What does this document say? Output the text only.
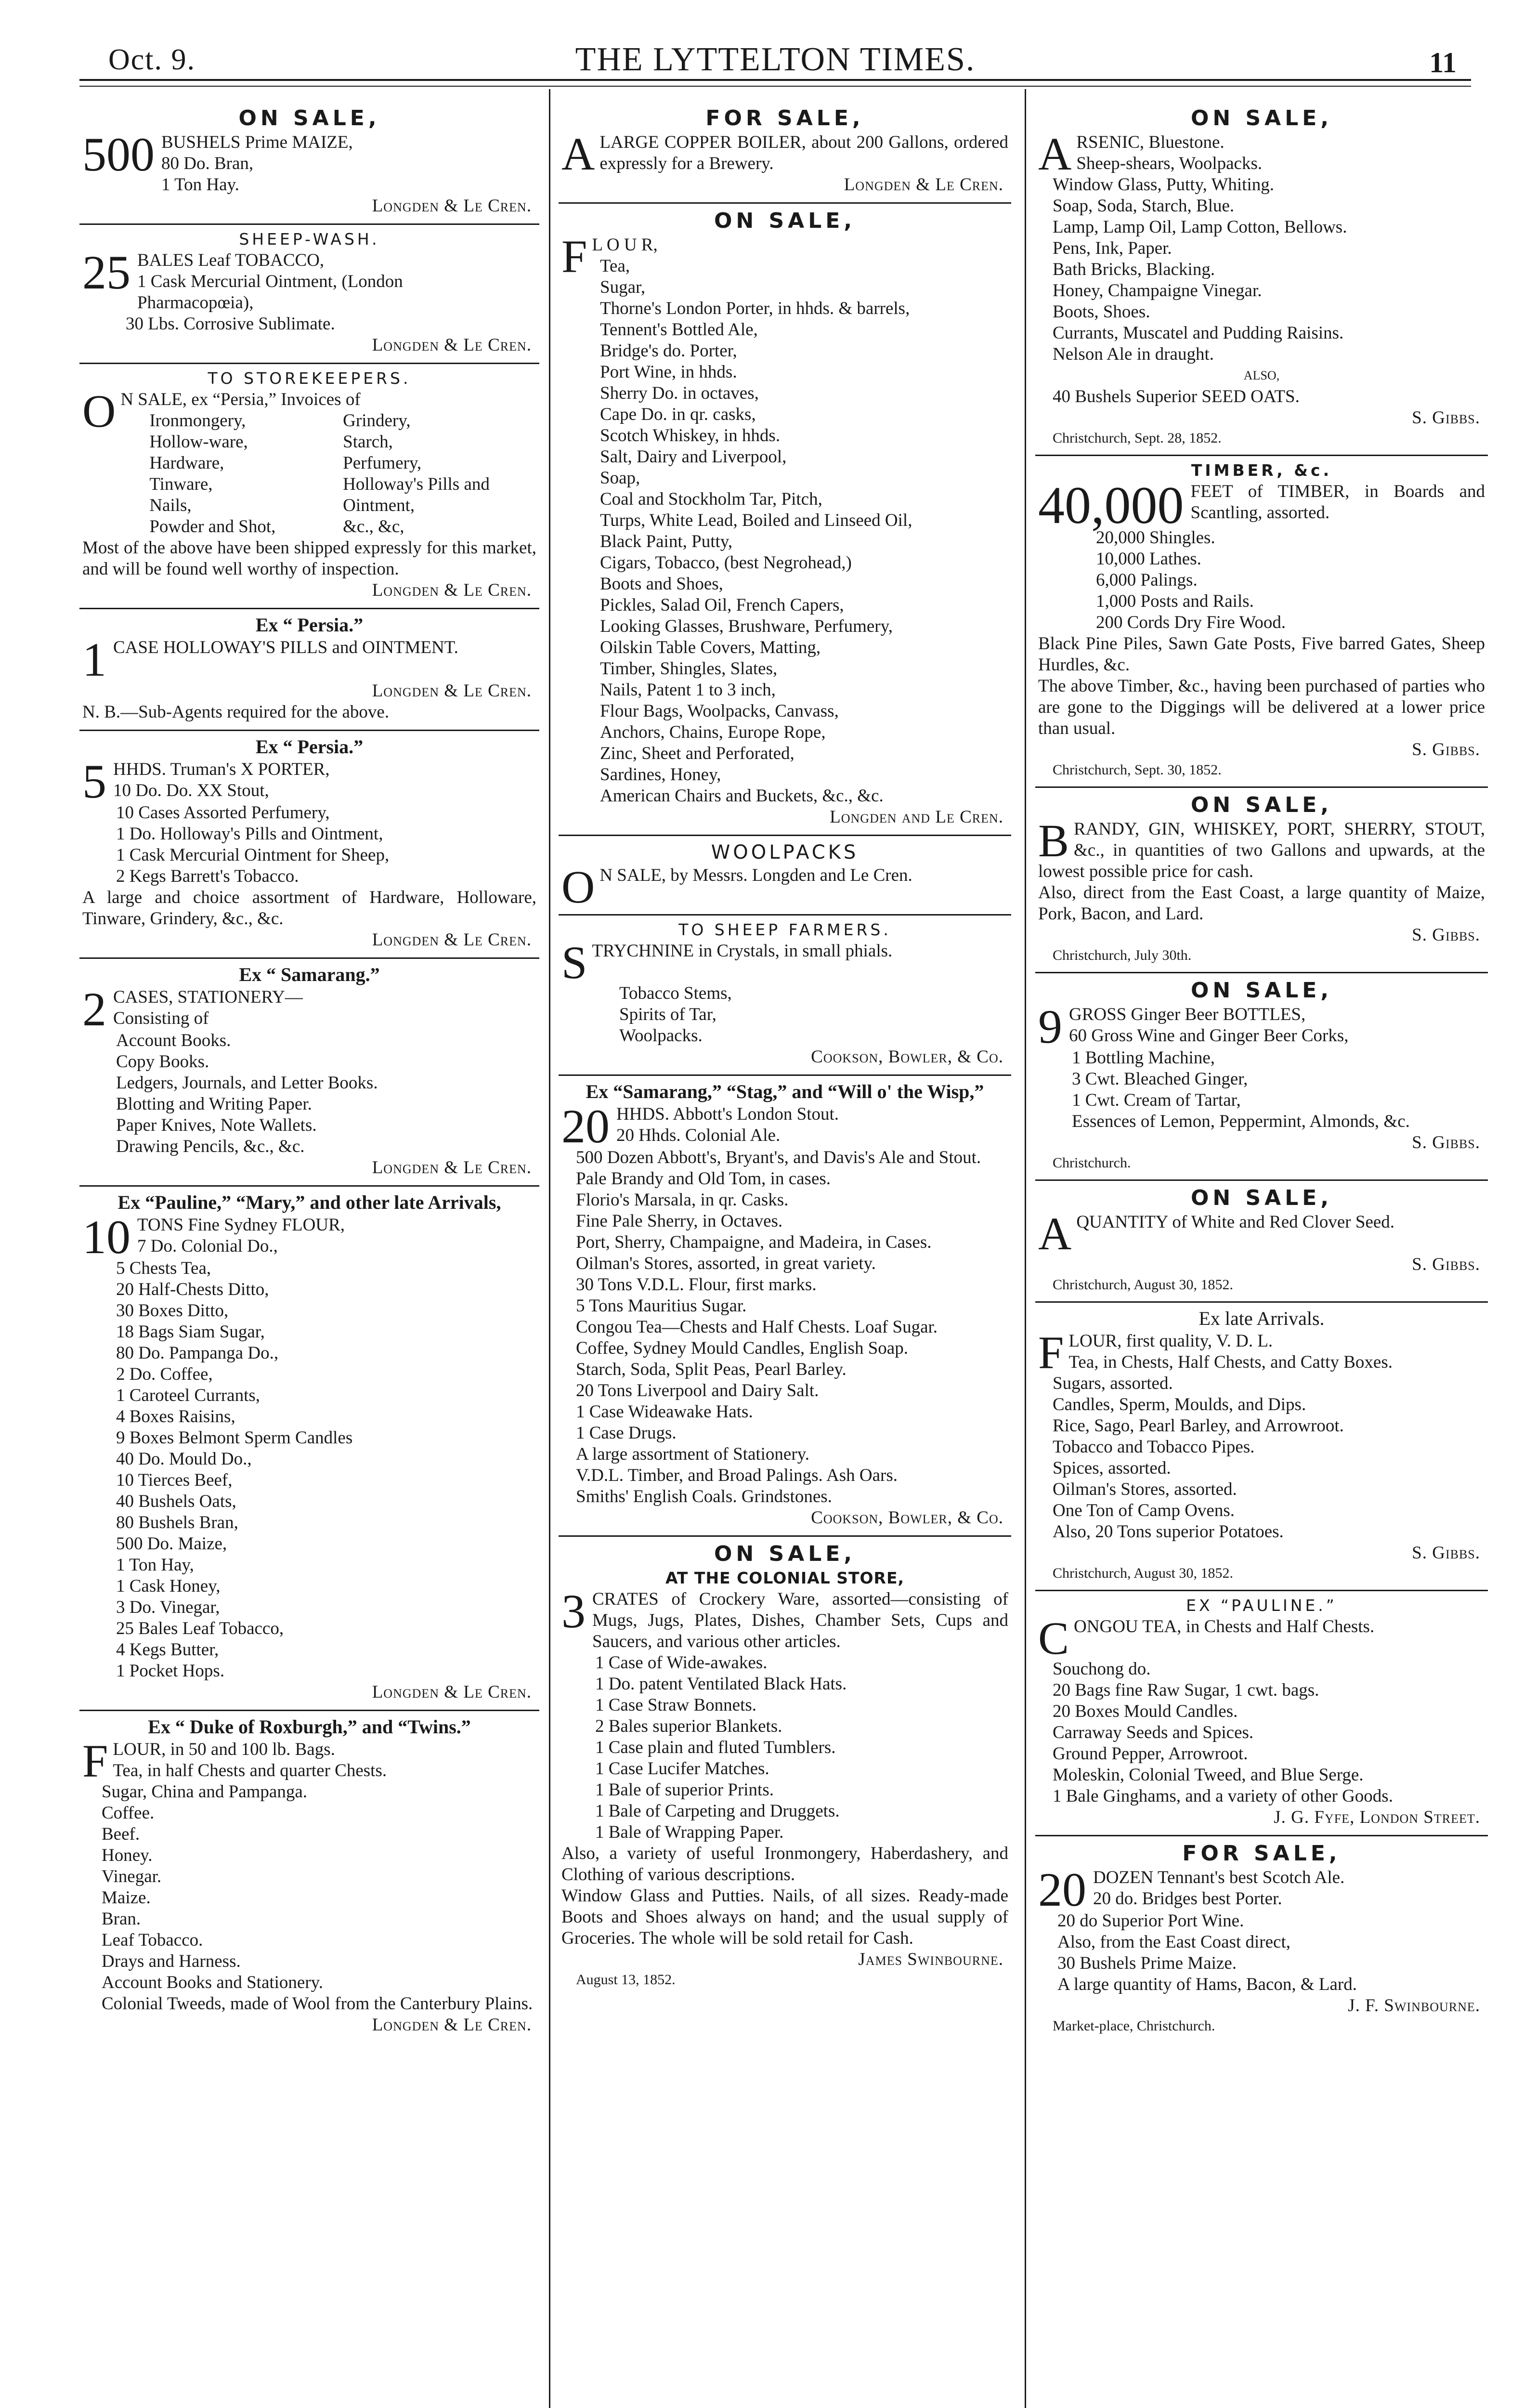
Oct. 9.	THE LYTTELTON TIMES.	11
ON SALE,
500 BUSHELS Prime MAIZE,
80 Do. Bran,
1 Ton Hay.
Longden & Le Cren.
SHEEP-WASH.
25 BALES Leaf TOBACCO,
1 Cask Mercurial Ointment, (London
Pharmacopœia),
30 Lbs. Corrosive Sublimate.
Longden & Le Cren.
TO STOREKEEPERS.
O N SALE, ex “Persia,” Invoices of
Ironmongery,	Grindery,
Hollow-ware,	Starch,
Hardware,	Perfumery,
Tinware,	Holloway's Pills and
Nails,	Ointment,
Powder and Shot,	&c., &c,
Most of the above have been shipped expressly for this market, and will be found well worthy of inspection.
Longden & Le Cren.
Ex “ Persia.”
1 CASE HOLLOWAY'S PILLS and OINTMENT.
Longden & Le Cren.
N. B.—Sub-Agents required for the above.
Ex “ Persia.”
5 HHDS. Truman's X PORTER,
10 Do. Do. XX Stout,
10 Cases Assorted Perfumery,
1 Do. Holloway's Pills and Ointment,
1 Cask Mercurial Ointment for Sheep,
2 Kegs Barrett's Tobacco.
A large and choice assortment of Hardware, Holloware, Tinware, Grindery, &c., &c.
Longden & Le Cren.
Ex “ Samarang.”
2 CASES, STATIONERY—
Consisting of
Account Books.
Copy Books.
Ledgers, Journals, and Letter Books.
Blotting and Writing Paper.
Paper Knives, Note Wallets.
Drawing Pencils, &c., &c.
Longden & Le Cren.
Ex “Pauline,” “Mary,” and other late Arrivals,
10 TONS Fine Sydney FLOUR,
7 Do. Colonial Do.,
5 Chests Tea,
20 Half-Chests Ditto,
30 Boxes Ditto,
18 Bags Siam Sugar,
80 Do. Pampanga Do.,
2 Do. Coffee,
1 Caroteel Currants,
4 Boxes Raisins,
9 Boxes Belmont Sperm Candles
40 Do. Mould Do.,
10 Tierces Beef,
40 Bushels Oats,
80 Bushels Bran,
500 Do. Maize,
1 Ton Hay,
1 Cask Honey,
3 Do. Vinegar,
25 Bales Leaf Tobacco,
4 Kegs Butter,
1 Pocket Hops.
Longden & Le Cren.
Ex “ Duke of Roxburgh,” and “Twins.”
F LOUR, in 50 and 100 lb. Bags.
Tea, in half Chests and quarter Chests.
Sugar, China and Pampanga.
Coffee.
Beef.
Honey.
Vinegar.
Maize.
Bran.
Leaf Tobacco.
Drays and Harness.
Account Books and Stationery.
Colonial Tweeds, made of Wool from the Canterbury Plains.
Longden & Le Cren.
FOR SALE,
A LARGE COPPER BOILER, about 200 Gallons, ordered expressly for a Brewery.
Longden & Le Cren.
ON SALE,
F L O U R,
Tea,
Sugar,
Thorne's London Porter, in hhds. & barrels,
Tennent's Bottled Ale,
Bridge's do. Porter,
Port Wine, in hhds.
Sherry Do. in octaves,
Cape Do. in qr. casks,
Scotch Whiskey, in hhds.
Salt, Dairy and Liverpool,
Soap,
Coal and Stockholm Tar, Pitch,
Turps, White Lead, Boiled and Linseed Oil,
Black Paint, Putty,
Cigars, Tobacco, (best Negrohead,)
Boots and Shoes,
Pickles, Salad Oil, French Capers,
Looking Glasses, Brushware, Perfumery,
Oilskin Table Covers, Matting,
Timber, Shingles, Slates,
Nails, Patent 1 to 3 inch,
Flour Bags, Woolpacks, Canvass,
Anchors, Chains, Europe Rope,
Zinc, Sheet and Perforated,
Sardines, Honey,
American Chairs and Buckets, &c., &c.
Longden and Le Cren.
WOOLPACKS
O N SALE, by Messrs. Longden and Le Cren.
TO SHEEP FARMERS.
S TRYCHNINE in Crystals, in small phials.
Tobacco Stems,
Spirits of Tar,
Woolpacks.
Cookson, Bowler, & Co.
Ex “Samarang,” “Stag,” and “Will o' the Wisp,”
20 HHDS. Abbott's London Stout.
20 Hhds. Colonial Ale.
500 Dozen Abbott's, Bryant's, and Davis's Ale and Stout.
Pale Brandy and Old Tom, in cases.
Florio's Marsala, in qr. Casks.
Fine Pale Sherry, in Octaves.
Port, Sherry, Champaigne, and Madeira, in Cases.
Oilman's Stores, assorted, in great variety.
30 Tons V.D.L. Flour, first marks.
5 Tons Mauritius Sugar.
Congou Tea—Chests and Half Chests. Loaf Sugar.
Coffee, Sydney Mould Candles, English Soap.
Starch, Soda, Split Peas, Pearl Barley.
20 Tons Liverpool and Dairy Salt.
1 Case Wideawake Hats.
1 Case Drugs.
A large assortment of Stationery.
V.D.L. Timber, and Broad Palings. Ash Oars.
Smiths' English Coals. Grindstones.
Cookson, Bowler, & Co.
ON SALE,
AT THE COLONIAL STORE,
3 CRATES of Crockery Ware, assorted—consisting of Mugs, Jugs, Plates, Dishes, Chamber Sets, Cups and Saucers, and various other articles.
1 Case of Wide-awakes.
1 Do. patent Ventilated Black Hats.
1 Case Straw Bonnets.
2 Bales superior Blankets.
1 Case plain and fluted Tumblers.
1 Case Lucifer Matches.
1 Bale of superior Prints.
1 Bale of Carpeting and Druggets.
1 Bale of Wrapping Paper.
Also, a variety of useful Ironmongery, Haberdashery, and Clothing of various descriptions.
Window Glass and Putties. Nails, of all sizes. Ready-made Boots and Shoes always on hand; and the usual supply of Groceries. The whole will be sold retail for Cash.
James Swinbourne.
August 13, 1852.
ON SALE,
A RSENIC, Bluestone.
Sheep-shears, Woolpacks.
Window Glass, Putty, Whiting.
Soap, Soda, Starch, Blue.
Lamp, Lamp Oil, Lamp Cotton, Bellows.
Pens, Ink, Paper.
Bath Bricks, Blacking.
Honey, Champaigne Vinegar.
Boots, Shoes.
Currants, Muscatel and Pudding Raisins.
Nelson Ale in draught.
ALSO,
40 Bushels Superior SEED OATS.
S. Gibbs.
Christchurch, Sept. 28, 1852.
TIMBER, &c.
40,000 FEET of TIMBER, in Boards and Scantling, assorted.
20,000 Shingles.
10,000 Lathes.
6,000 Palings.
1,000 Posts and Rails.
200 Cords Dry Fire Wood.
Black Pine Piles, Sawn Gate Posts, Five barred Gates, Sheep Hurdles, &c.
The above Timber, &c., having been purchased of parties who are gone to the Diggings will be delivered at a lower price than usual.
S. Gibbs.
Christchurch, Sept. 30, 1852.
ON SALE,
B RANDY, GIN, WHISKEY, PORT, SHERRY, STOUT, &c., in quantities of two Gallons and upwards, at the lowest possible price for cash.
Also, direct from the East Coast, a large quantity of Maize, Pork, Bacon, and Lard.
S. Gibbs.
Christchurch, July 30th.
ON SALE,
9 GROSS Ginger Beer BOTTLES,
60 Gross Wine and Ginger Beer Corks,
1 Bottling Machine,
3 Cwt. Bleached Ginger,
1 Cwt. Cream of Tartar,
Essences of Lemon, Peppermint, Almonds, &c.
S. Gibbs.
Christchurch.
ON SALE,
A QUANTITY of White and Red Clover Seed.
S. Gibbs.
Christchurch, August 30, 1852.
Ex late Arrivals.
F LOUR, first quality, V. D. L.
Tea, in Chests, Half Chests, and Catty Boxes.
Sugars, assorted.
Candles, Sperm, Moulds, and Dips.
Rice, Sago, Pearl Barley, and Arrowroot.
Tobacco and Tobacco Pipes.
Spices, assorted.
Oilman's Stores, assorted.
One Ton of Camp Ovens.
Also, 20 Tons superior Potatoes.
S. Gibbs.
Christchurch, August 30, 1852.
EX “PAULINE.”
C ONGOU TEA, in Chests and Half Chests.
Souchong do.
20 Bags fine Raw Sugar, 1 cwt. bags.
20 Boxes Mould Candles.
Carraway Seeds and Spices.
Ground Pepper, Arrowroot.
Moleskin, Colonial Tweed, and Blue Serge.
1 Bale Ginghams, and a variety of other Goods.
J. G. Fyfe, London Street.
FOR SALE,
20 DOZEN Tennant's best Scotch Ale.
20 do. Bridges best Porter.
20 do Superior Port Wine.
Also, from the East Coast direct,
30 Bushels Prime Maize.
A large quantity of Hams, Bacon, & Lard.
J. F. Swinbourne.
Market-place, Christchurch.
